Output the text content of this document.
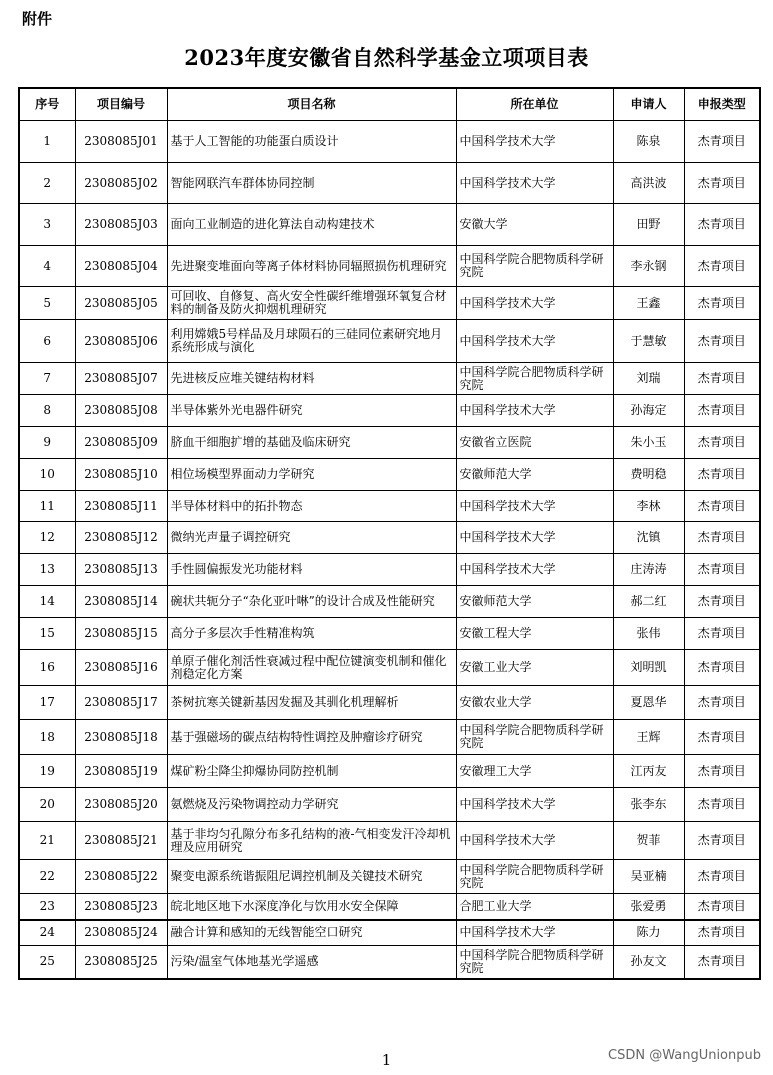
附件
2023年度安徽省自然科学基金立项项目表
序号	项目编号	项目名称	所在单位	申请人	申报类型
1	2308085J01	基于人工智能的功能蛋白质设计	中国科学技术大学	陈泉	杰青项目
2	2308085J02	智能网联汽车群体协同控制	中国科学技术大学	高洪波	杰青项目
3	2308085J03	面向工业制造的进化算法自动构建技术	安徽大学	田野	杰青项目
4	2308085J04	先进聚变堆面向等离子体材料协同辐照损伤机理研究	中国科学院合肥物质科学研究院	李永钢	杰青项目
5	2308085J05	可回收、自修复、高火安全性碳纤维增强环氧复合材料的制备及防火抑烟机理研究	中国科学技术大学	王鑫	杰青项目
6	2308085J06	利用嫦娥5号样品及月球陨石的三硅同位素研究地月系统形成与演化	中国科学技术大学	于慧敏	杰青项目
7	2308085J07	先进核反应堆关键结构材料	中国科学院合肥物质科学研究院	刘瑞	杰青项目
8	2308085J08	半导体紫外光电器件研究	中国科学技术大学	孙海定	杰青项目
9	2308085J09	脐血干细胞扩增的基础及临床研究	安徽省立医院	朱小玉	杰青项目
10	2308085J10	相位场模型界面动力学研究	安徽师范大学	费明稳	杰青项目
11	2308085J11	半导体材料中的拓扑物态	中国科学技术大学	李林	杰青项目
12	2308085J12	微纳光声量子调控研究	中国科学技术大学	沈镇	杰青项目
13	2308085J13	手性圆偏振发光功能材料	中国科学技术大学	庄涛涛	杰青项目
14	2308085J14	碗状共轭分子“杂化亚叶啉”的设计合成及性能研究	安徽师范大学	郝二红	杰青项目
15	2308085J15	高分子多层次手性精准构筑	安徽工程大学	张伟	杰青项目
16	2308085J16	单原子催化剂活性衰减过程中配位键演变机制和催化剂稳定化方案	安徽工业大学	刘明凯	杰青项目
17	2308085J17	茶树抗寒关键新基因发掘及其驯化机理解析	安徽农业大学	夏恩华	杰青项目
18	2308085J18	基于强磁场的碳点结构特性调控及肿瘤诊疗研究	中国科学院合肥物质科学研究院	王辉	杰青项目
19	2308085J19	煤矿粉尘降尘抑爆协同防控机制	安徽理工大学	江丙友	杰青项目
20	2308085J20	氨燃烧及污染物调控动力学研究	中国科学技术大学	张李东	杰青项目
21	2308085J21	基于非均匀孔隙分布多孔结构的液-气相变发汗冷却机理及应用研究	中国科学技术大学	贺菲	杰青项目
22	2308085J22	聚变电源系统谐振阻尼调控机制及关键技术研究	中国科学院合肥物质科学研究院	吴亚楠	杰青项目
23	2308085J23	皖北地区地下水深度净化与饮用水安全保障	合肥工业大学	张爱勇	杰青项目
24	2308085J24	融合计算和感知的无线智能空口研究	中国科学技术大学	陈力	杰青项目
25	2308085J25	污染/温室气体地基光学遥感	中国科学院合肥物质科学研究院	孙友文	杰青项目
1	CSDN @WangUnionpub
